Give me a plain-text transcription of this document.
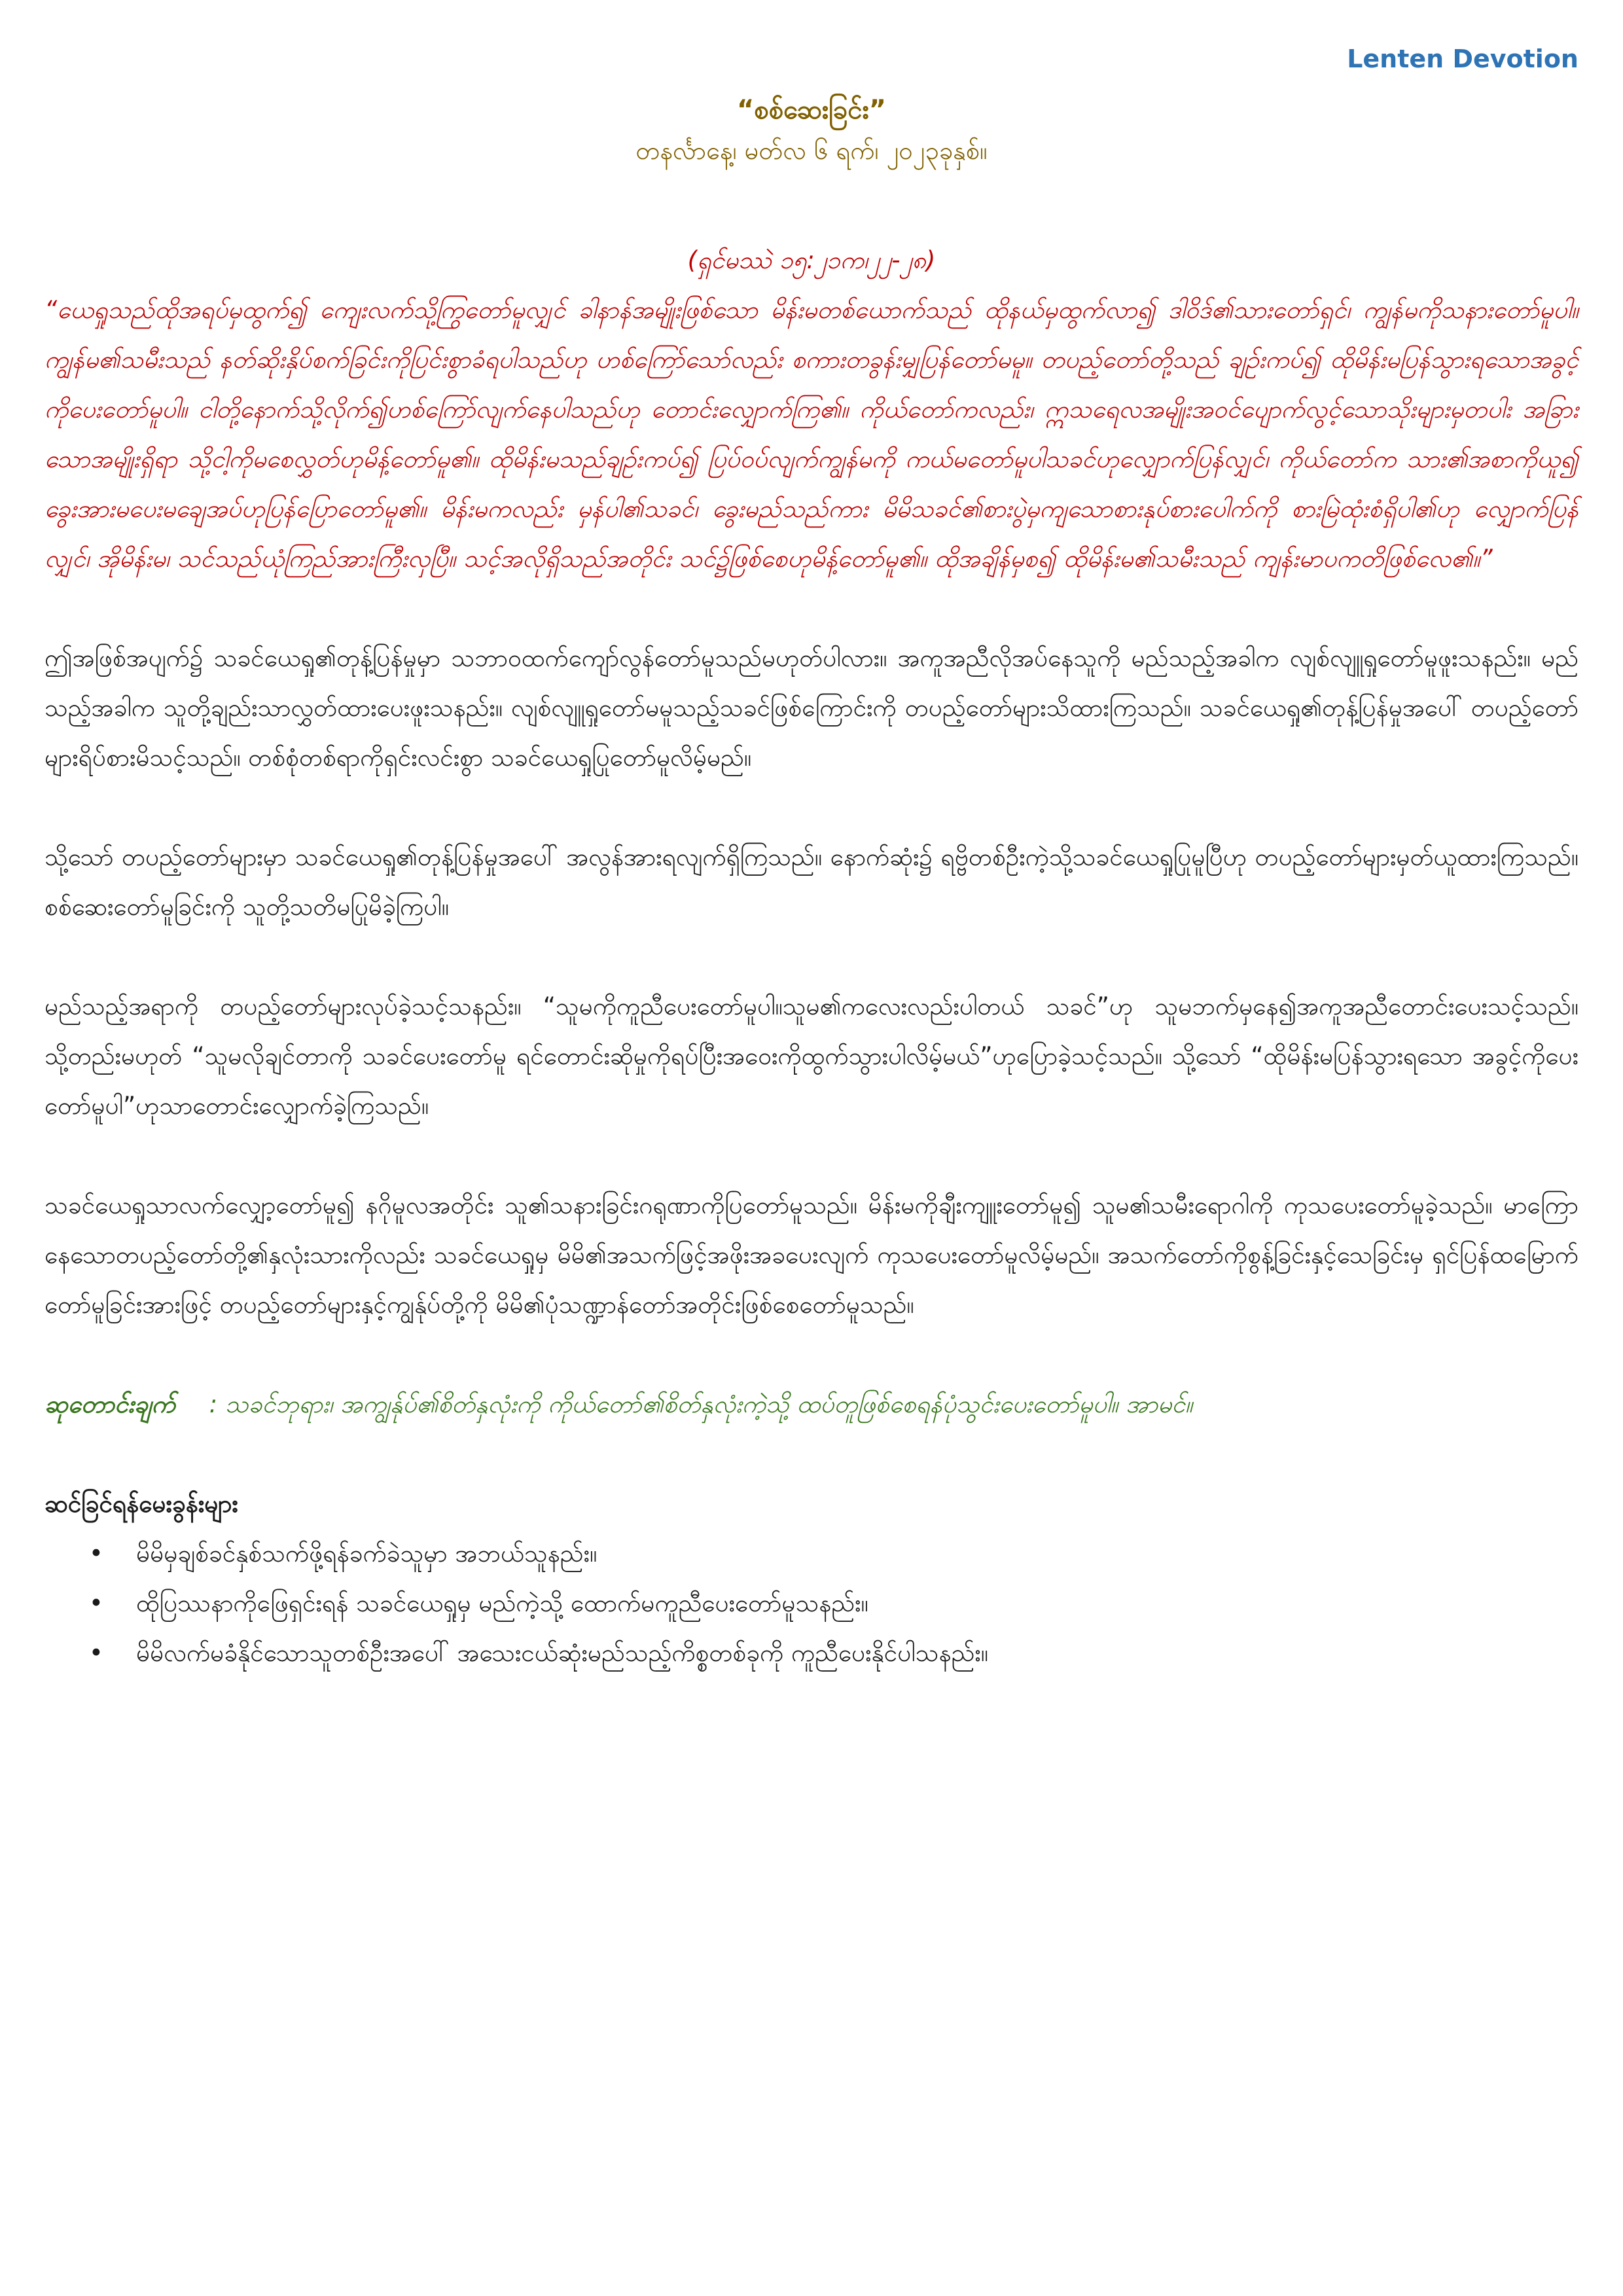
Lenten Devotion
“စစ်ဆေးခြင်း”
တနင်္လာနေ့၊ မတ်လ ၆ ရက်၊ ၂၀၂၃ခုနှစ်။
(ရှင်မဿဲ ၁၅:၂၁က၊၂၂-၂၈)

“ယေရှုသည်ထိုအရပ်မှထွက်၍ ကျေးလက်သို့ကြွတော်မူလျှင် ခါနာန်အမျိုးဖြစ်သော မိန်းမတစ်ယောက်သည် ထိုနယ်မှထွက်လာ၍ ဒါဝိဒ်၏သားတော်ရှင်၊ ကျွန်မကိုသနားတော်မူပါ။ ကျွန်မ၏သမီးသည် နတ်ဆိုးနှိပ်စက်ခြင်းကိုပြင်းစွာခံရပါသည်ဟု ဟစ်ကြော်သော်လည်း စကားတခွန်းမျှပြန်တော်မမူ။ တပည့်တော်တို့သည် ချဉ်းကပ်၍ ထိုမိန်းမပြန်သွားရသောအခွင့်ကိုပေးတော်မူပါ။ ငါတို့နောက်သို့လိုက်၍ဟစ်ကြော်လျက်နေပါသည်ဟု တောင်းလျှောက်ကြ၏။ ကိုယ်တော်ကလည်း၊ ဣသရေလအမျိုးအဝင်ပျောက်လွင့်သောသိုးများမှတပါး အခြားသောအမျိုးရှိရာ သို့ငါ့ကိုမစေလွှတ်ဟုမိန့်တော်မူ၏။ ထိုမိန်းမသည်ချဉ်းကပ်၍ ပြပ်ဝပ်လျက်ကျွန်မကို ကယ်မတော်မူပါသခင်ဟုလျှောက်ပြန်လျှင်၊ ကိုယ်တော်က သား၏အစာကိုယူ၍ ခွေးအားမပေးမချေအပ်ဟုပြန်ပြောတော်မူ၏။ မိန်းမကလည်း မှန်ပါ၏သခင်၊ ခွေးမည်သည်ကား မိမိသခင်၏စားပွဲမှကျသောစားနုပ်စားပေါက်ကို စားမြဲထုံးစံရှိပါ၏ဟု လျှောက်ပြန်လျှင်၊ အိုမိန်းမ၊ သင်သည်ယုံကြည်အားကြီးလှပြီ။ သင့်အလိုရှိသည်အတိုင်း သင်၌ဖြစ်စေဟုမိန့်တော်မူ၏။ ထိုအချိန်မှစ၍ ထိုမိန်းမ၏သမီးသည် ကျန်းမာပကတိဖြစ်လေ၏။”

ဤအဖြစ်အပျက်၌ သခင်ယေရှု၏တုန့်ပြန်မှုမှာ သဘာဝထက်ကျော်လွန်တော်မူသည်မဟုတ်ပါလား။ အကူအညီလိုအပ်နေသူကို မည်သည့်အခါက လျစ်လျူရှုတော်မူဖူးသနည်း။ မည်သည့်အခါက သူတို့ချည်းသာလွှတ်ထားပေးဖူးသနည်း။ လျစ်လျူရှုတော်မမူသည့်သခင်ဖြစ်ကြောင်းကို တပည့်တော်များသိထားကြသည်။ သခင်ယေရှု၏တုန့်ပြန်မှုအပေါ် တပည့်တော်များရိပ်စားမိသင့်သည်။ တစ်စုံတစ်ရာကိုရှင်းလင်းစွာ သခင်ယေရှုပြုတော်မူလိမ့်မည်။

သို့သော် တပည့်တော်များမှာ သခင်ယေရှု၏တုန့်ပြန်မှုအပေါ် အလွန်အားရလျက်ရှိကြသည်။ နောက်ဆုံး၌ ရဗ္ဗိတစ်ဦးကဲ့သို့သခင်ယေရှုပြုမူပြီဟု တပည့်တော်များမှတ်ယူထားကြသည်။ စစ်ဆေးတော်မူခြင်းကို သူတို့သတိမပြုမိခဲ့ကြပါ။

မည်သည့်အရာကို တပည့်တော်များလုပ်ခဲ့သင့်သနည်း။ “သူမကိုကူညီပေးတော်မူပါ။သူမ၏ကလေးလည်းပါတယ် သခင်”ဟု သူမဘက်မှနေ၍အကူအညီတောင်းပေးသင့်သည်။ သို့တည်းမဟုတ် “သူမလိုချင်တာကို သခင်ပေးတော်မူ ရင်တောင်းဆိုမှုကိုရပ်ပြီးအဝေးကိုထွက်သွားပါလိမ့်မယ်”ဟုပြောခဲ့သင့်သည်။ သို့သော် “ထိုမိန်းမပြန်သွားရသော အခွင့်ကိုပေးတော်မူပါ”ဟုသာတောင်းလျှောက်ခဲ့ကြသည်။

သခင်ယေရှုသာလက်လျှော့တော်မူ၍ နဂိုမူလအတိုင်း သူ၏သနားခြင်းဂရုဏာကိုပြတော်မူသည်။ မိန်းမကိုချီးကျူးတော်မူ၍ သူမ၏သမီးရောဂါကို ကုသပေးတော်မူခဲ့သည်။ မာကြောနေသောတပည့်တော်တို့၏နှလုံးသားကိုလည်း သခင်ယေရှုမှ မိမိ၏အသက်ဖြင့်အဖိုးအခပေးလျက် ကုသပေးတော်မူလိမ့်မည်။ အသက်တော်ကိုစွန့်ခြင်းနှင့်သေခြင်းမှ ရှင်ပြန်ထမြောက်တော်မူခြင်းအားဖြင့် တပည့်တော်များနှင့်ကျွန်ုပ်တို့ကို မိမိ၏ပုံသဏ္ဍာန်တော်အတိုင်းဖြစ်စေတော်မူသည်။

ဆုတောင်းချက် : သခင်ဘုရား၊ အကျွန်ုပ်၏စိတ်နှလုံးကို ကိုယ်တော်၏စိတ်နှလုံးကဲ့သို့ ထပ်တူဖြစ်စေရန်ပုံသွင်းပေးတော်မူပါ။ အာမင်။

ဆင်ခြင်ရန်မေးခွန်းများ
• မိမိမှချစ်ခင်နှစ်သက်ဖို့ရန်ခက်ခဲသူမှာ အဘယ်သူနည်း။
• ထိုပြဿနာကိုဖြေရှင်းရန် သခင်ယေရှုမှ မည်ကဲ့သို့ ထောက်မကူညီပေးတော်မူသနည်း။
• မိမိလက်မခံနိုင်သောသူတစ်ဦးအပေါ် အသေးငယ်ဆုံးမည်သည့်ကိစ္စတစ်ခုကို ကူညီပေးနိုင်ပါသနည်း။
